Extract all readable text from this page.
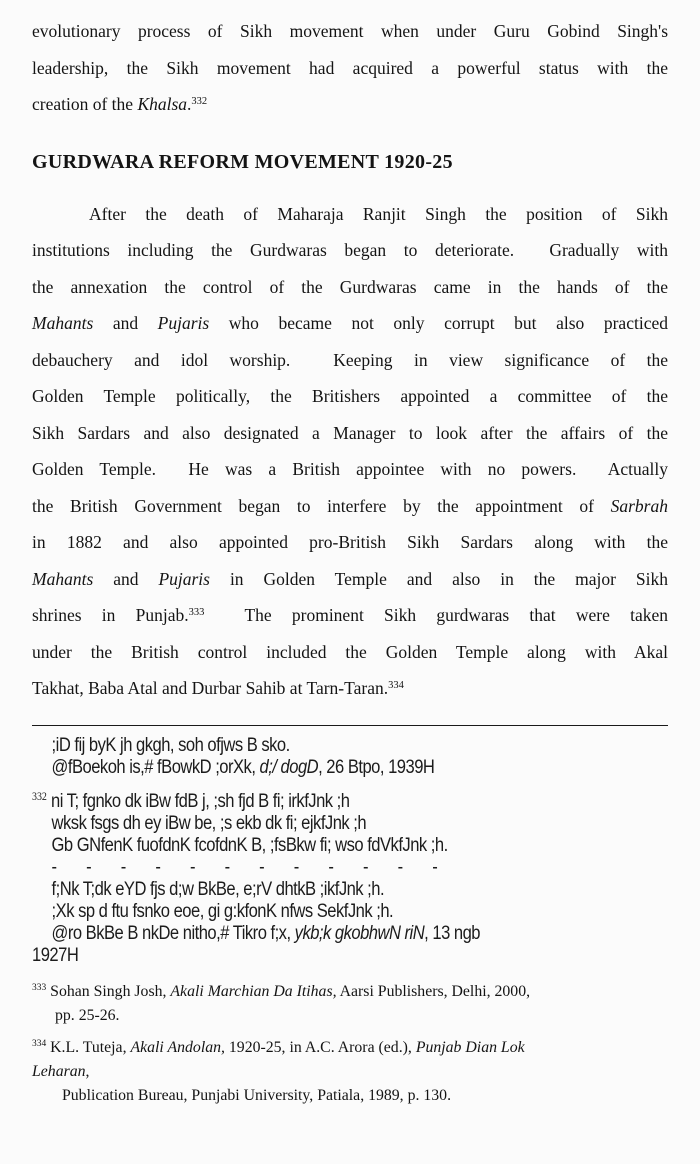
evolutionary process of Sikh movement when under Guru Gobind Singh's
leadership, the Sikh movement had acquired a powerful status with the
creation of the Khalsa.$^{332}$
GURDWARA REFORM MOVEMENT 1920-25
After the death of Maharaja Ranjit Singh the position of Sikh
institutions including the Gurdwaras began to deteriorate.  Gradually with
the annexation the control of the Gurdwaras came in the hands of the
Mahants and Pujaris who became not only corrupt but also practiced
debauchery and idol worship.  Keeping in view significance of the
Golden Temple politically, the Britishers appointed a committee of the
Sikh Sardars and also designated a Manager to look after the affairs of the
Golden Temple.  He was a British appointee with no powers.  Actually
the British Government began to interfere by the appointment of Sarbrah
in 1882 and also appointed pro-British Sikh Sardars along with the
Mahants and Pujaris in Golden Temple and also in the major Sikh
shrines in Punjab.$^{333}$  The prominent Sikh gurdwaras that were taken
under the British control included the Golden Temple along with Akal
Takhat, Baba Atal and Durbar Sahib at Tarn-Taran.$^{334}$
;iD fij byK jh gkgh, soh ofjws B sko.
@fBoekoh is,# fBowkD ;orXk, d;/ dogD, 26 Btpo, 1939H
$^{332}$ ni T; fgnko dk iBw fdB j, ;sh fjd B fi; irkfJnk ;h
wksk fsgs dh ey iBw be, ;s ekb dk fi; ejkfJnk ;h
Gb GNfenK fuofdnK fcofdnK B, ;fsBkw fi; wso fdVkfJnk ;h.
- - - - - - - - - - - -
f;Nk T;dk eYD fjs d;w BkBe, e;rV dhtkB ;ikfJnk ;h.
;Xk sp d ftu fsnko eoe, gi g:kfonK nfws SekfJnk ;h.
@ro BkBe B nkDe nitho,# Tikro f;x, ykb;k gkobhwN riN, 13 ngb
1927H
$^{333}$ Sohan Singh Josh, Akali Marchian Da Itihas, Aarsi Publishers, Delhi, 2000,
pp. 25-26.
$^{334}$ K.L. Tuteja, Akali Andolan, 1920-25, in A.C. Arora (ed.), Punjab Dian Lok
Leharan,
Publication Bureau, Punjabi University, Patiala, 1989, p. 130.
